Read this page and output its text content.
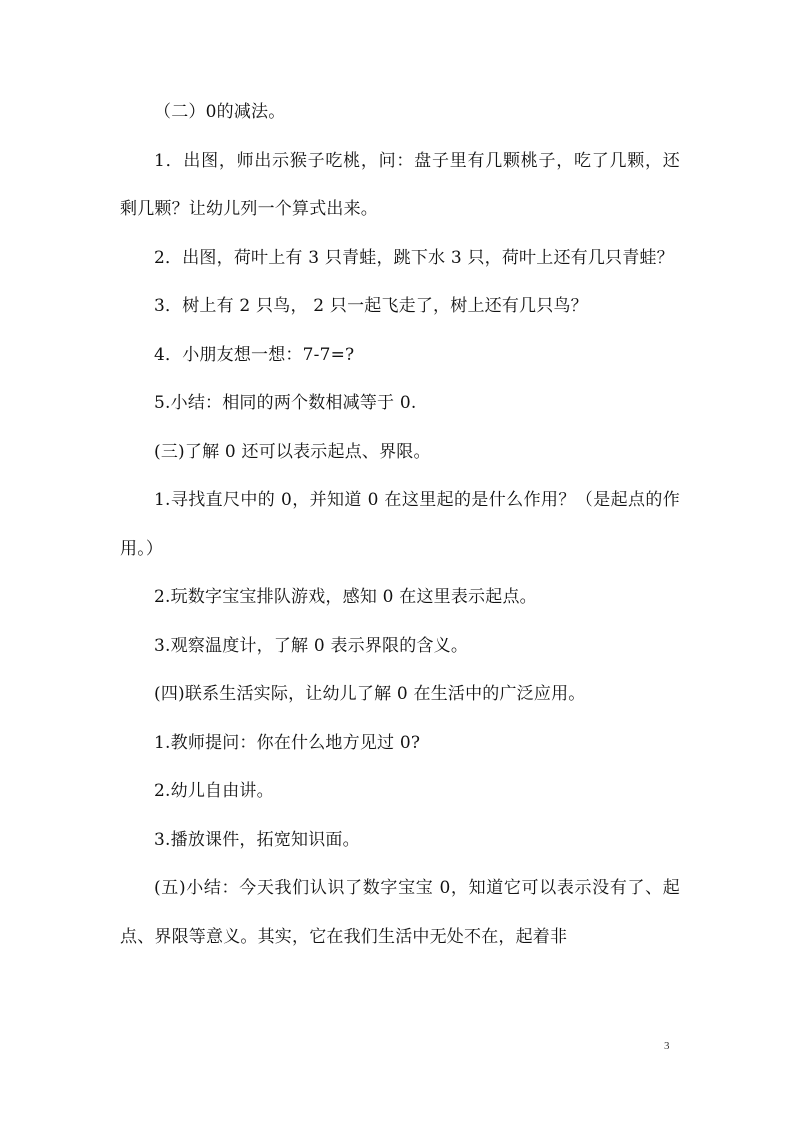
（二）0的减法。

1．出图，师出示猴子吃桃，问：盘子里有几颗桃子，吃了几颗，还剩几颗？让幼儿列一个算式出来。

2．出图，荷叶上有 3 只青蛙，跳下水 3 只，荷叶上还有几只青蛙？

3．树上有 2 只鸟， 2 只一起飞走了，树上还有几只鸟？

4．小朋友想一想：7-7=?

5.小结：相同的两个数相减等于 0.

(三)了解 0 还可以表示起点、界限。

1.寻找直尺中的 0，并知道 0 在这里起的是什么作用？（是起点的作用。）

2.玩数字宝宝排队游戏，感知 0 在这里表示起点。

3.观察温度计，了解 0 表示界限的含义。

(四)联系生活实际，让幼儿了解 0 在生活中的广泛应用。

1.教师提问：你在什么地方见过 0?

2.幼儿自由讲。

3.播放课件，拓宽知识面。

(五)小结：今天我们认识了数字宝宝 0，知道它可以表示没有了、起点、界限等意义。其实，它在我们生活中无处不在，起着非

3
